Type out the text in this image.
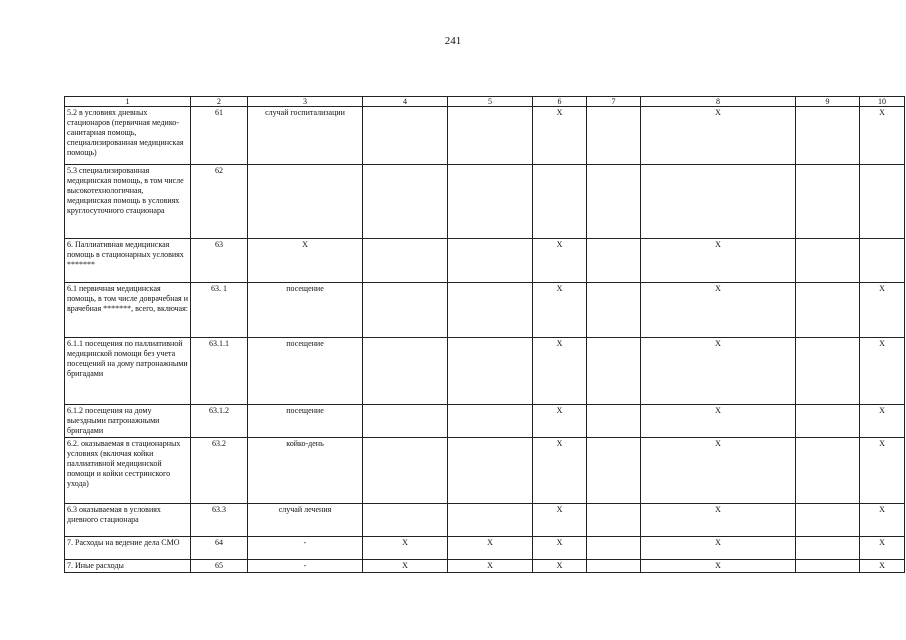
241
1	2	3	4	5	6	7	8	9	10
5.2 в условиях дневных стационаров (первичная медико-санитарная помощь, специализированная медицинская помощь)	61	случай госпитализации			X		X		X
5.3 специализированная медицинская помощь, в том числе высокотехнологичная, медицинская помощь в условиях круглосуточного стационара	62								
6. Паллиативная медицинская помощь в стационарных условиях *******	63	X			X		X		
6.1 первичная медицинская помощь, в том числе доврачебная и врачебная *******, всего, включая:	63. 1	посещение			X		X		X
6.1.1 посещения по паллиативной медицинской помощи без учета посещений на дому патронажными бригадами	63.1.1	посещение			X		X		X
6.1.2 посещения на дому выездными патронажными бригадами	63.1.2	посещение			X		X		X
6.2. оказываемая в стационарных условиях (включая койки паллиативной медицинской помощи и койки сестринского ухода)	63.2	койко-день			X		X		X
6.3 оказываемая в условиях дневного стационара	63.3	случай лечения			X		X		X
7. Расходы на ведение дела СМО	64	-	X	X	X		X		X
7. Иные расходы	65	-	X	X	X		X		X
